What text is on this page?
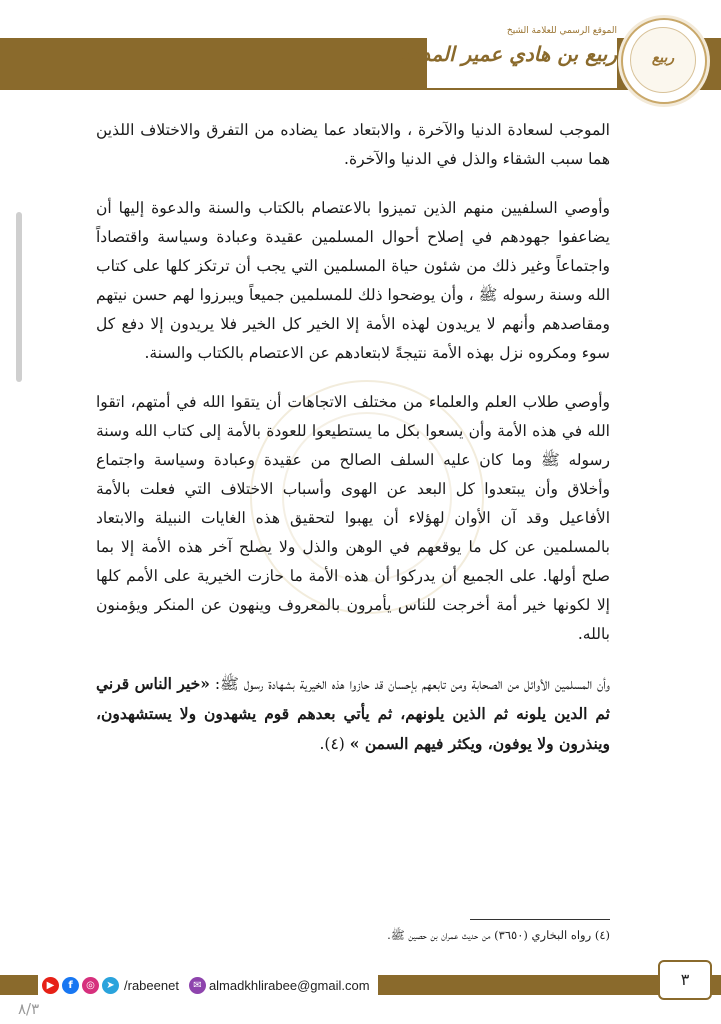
الموقع الرسمي للعلامة الشيخ
ربيع بن هادي عمير المدخلي	ربيع

الموجب لسعادة الدنيا والآخرة ، والابتعاد عما يضاده من التفرق والاختلاف اللذين هما سبب الشقاء والذل في الدنيا والآخرة.

وأوصي السلفيين منهم الذين تميزوا بالاعتصام بالكتاب والسنة والدعوة إليها أن يضاعفوا جهودهم في إصلاح أحوال المسلمين عقيدة وعبادة وسياسة واقتصاداً واجتماعاً وغير ذلك من شئون حياة المسلمين التي يجب أن ترتكز كلها على كتاب الله وسنة رسوله ﷺ ، وأن يوضحوا ذلك للمسلمين جميعاً ويبرزوا لهم حسن نيتهم ومقاصدهم وأنهم لا يريدون لهذه الأمة إلا الخير كل الخير فلا يريدون إلا دفع كل سوء ومكروه نزل بهذه الأمة نتيجةً لابتعادهم عن الاعتصام بالكتاب والسنة.

وأوصي طلاب العلم والعلماء من مختلف الاتجاهات أن يتقوا الله في أمتهم، اتقوا الله في هذه الأمة وأن يسعوا بكل ما يستطيعوا للعودة بالأمة إلى كتاب الله وسنة رسوله ﷺ وما كان عليه السلف الصالح من عقيدة وعبادة وسياسة واجتماع وأخلاق وأن يبتعدوا كل البعد عن الهوى وأسباب الاختلاف التي فعلت بالأمة الأفاعيل وقد آن الأوان لهؤلاء أن يهبوا لتحقيق هذه الغايات النبيلة والابتعاد بالمسلمين عن كل ما يوقعهم في الوهن والذل ولا يصلح آخر هذه الأمة إلا بما صلح أولها. على الجميع أن يدركوا أن هذه الأمة ما حازت الخيرية على الأمم كلها إلا لكونها خير أمة أخرجت للناس يأمرون بالمعروف وينهون عن المنكر ويؤمنون بالله.

وأن المسلمين الأوائل من الصحابة ومن تابعهم بإحسان قد حازوا هذه الخيرية بشهادة رسول ﷺ: «خير الناس قرني ثم الدين يلونه ثم الذين يلونهم، ثم يأتي بعدهم قوم يشهدون ولا يستشهدون، وينذرون ولا يوفون، ويكثر فيهم السمن » (٤).

(٤) رواه البخاري (٣٦٥٠) من حديث عمران بن حصين ﷺ.
▶	f	◎	➤ /rabeenet	✉ almadkhlirabee@gmail.com	٣
٨/٣
